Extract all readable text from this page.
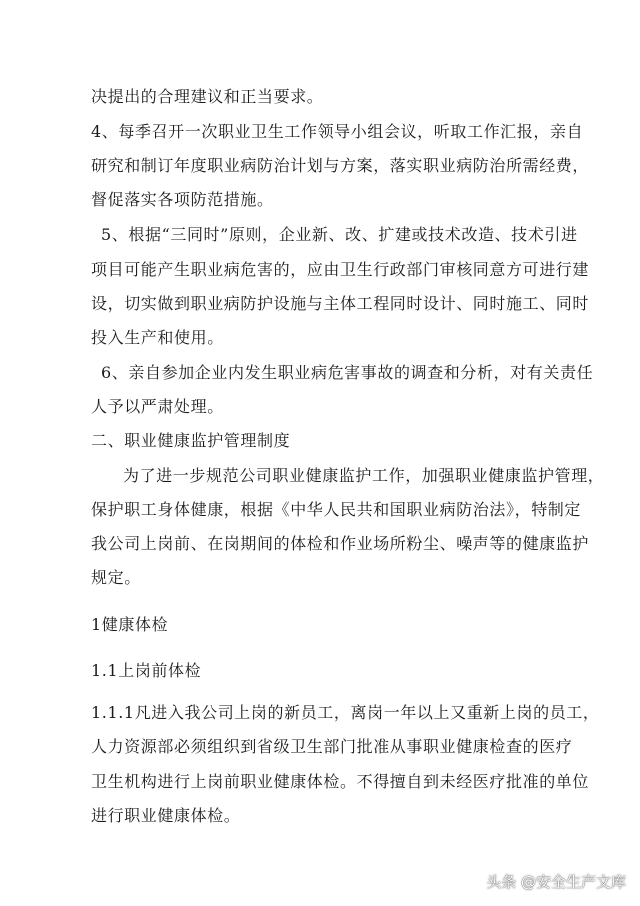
决提出的合理建议和正当要求。
4、每季召开一次职业卫生工作领导小组会议，听取工作汇报，亲自
研究和制订年度职业病防治计划与方案，落实职业病防治所需经费，
督促落实各项防范措施。
5、根据“三同时”原则，企业新、改、扩建或技术改造、技术引进
项目可能产生职业病危害的，应由卫生行政部门审核同意方可进行建
设，切实做到职业病防护设施与主体工程同时设计、同时施工、同时
投入生产和使用。
6、亲自参加企业内发生职业病危害事故的调查和分析，对有关责任
人予以严肃处理。
二、职业健康监护管理制度
为了进一步规范公司职业健康监护工作，加强职业健康监护管理，
保护职工身体健康，根据《中华人民共和国职业病防治法》，特制定
我公司上岗前、在岗期间的体检和作业场所粉尘、噪声等的健康监护
规定。
1健康体检
1.1上岗前体检
1.1.1凡进入我公司上岗的新员工，离岗一年以上又重新上岗的员工，
人力资源部必须组织到省级卫生部门批准从事职业健康检查的医疗
卫生机构进行上岗前职业健康体检。不得擅自到未经医疗批准的单位
进行职业健康体检。
头条 @安全生产文库
